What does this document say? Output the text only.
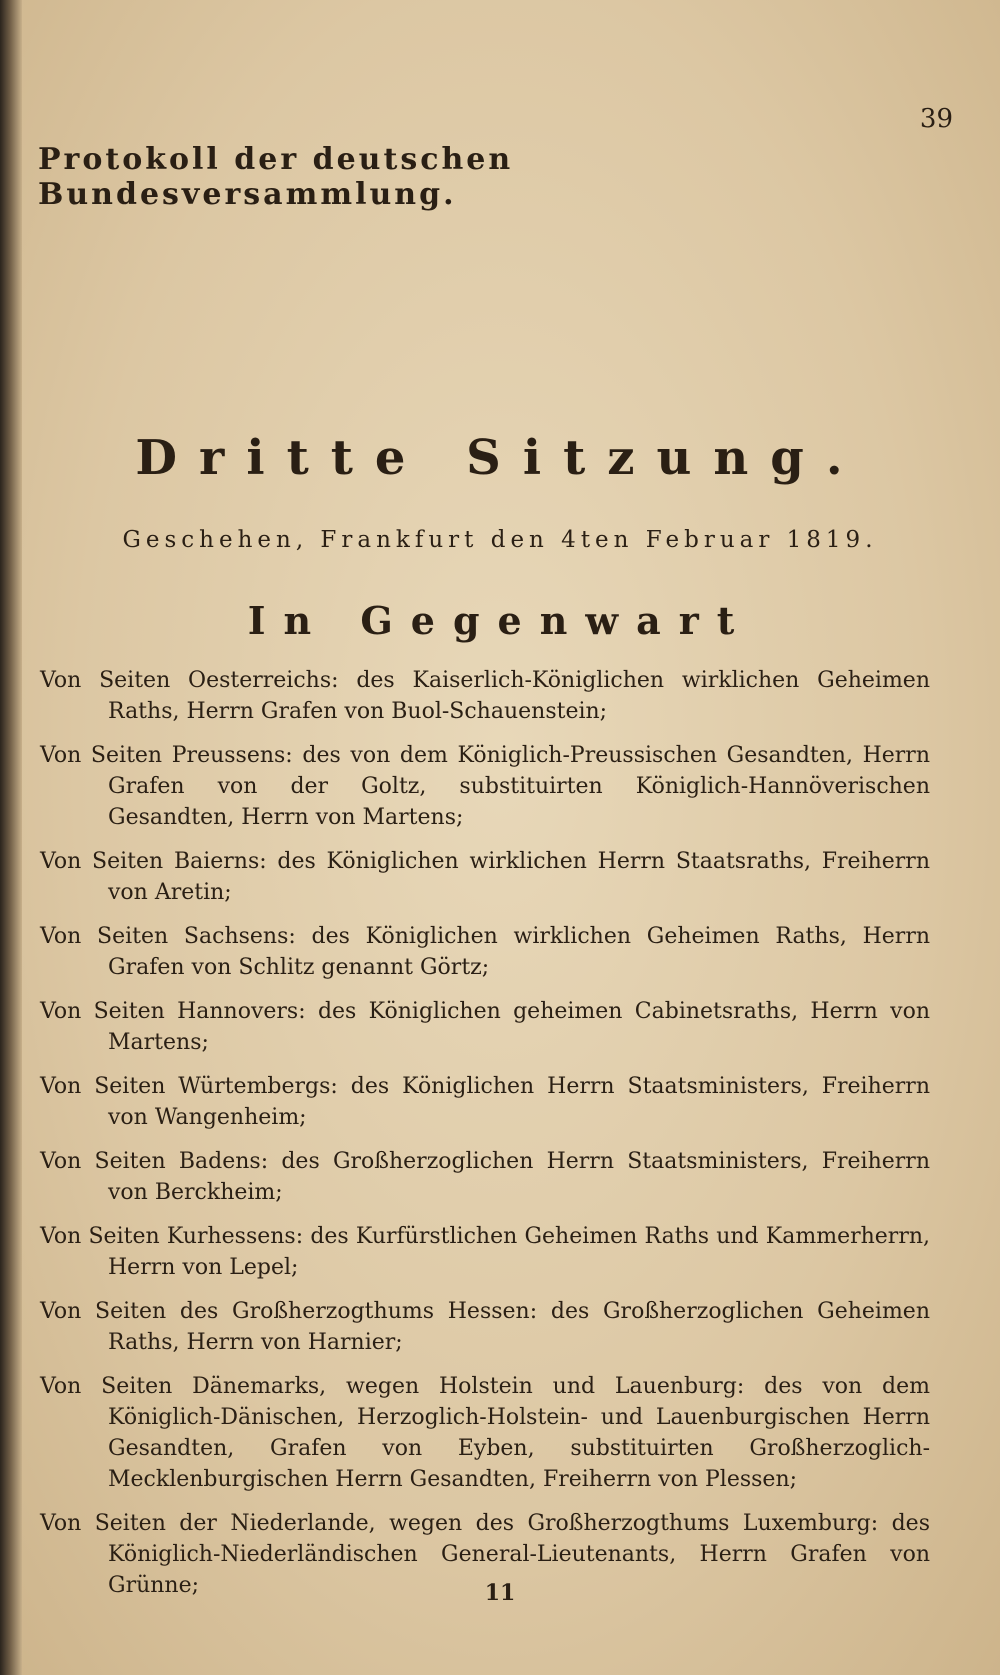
39
Protokoll der deutschen Bundesversammlung.
Dritte Sitzung.
Geschehen, Frankfurt den 4ten Februar 1819.
In Gegenwart
Von Seiten Oesterreichs: des Kaiserlich-Königlichen wirklichen Geheimen Raths, Herrn Grafen von Buol-Schauenstein;
Von Seiten Preussens: des von dem Königlich-Preussischen Gesandten, Herrn Grafen von der Goltz, substituirten Königlich-Hannöverischen Gesandten, Herrn von Martens;
Von Seiten Baierns: des Königlichen wirklichen Herrn Staatsraths, Freiherrn von Aretin;
Von Seiten Sachsens: des Königlichen wirklichen Geheimen Raths, Herrn Grafen von Schlitz genannt Görtz;
Von Seiten Hannovers: des Königlichen geheimen Cabinetsraths, Herrn von Martens;
Von Seiten Würtembergs: des Königlichen Herrn Staatsministers, Freiherrn von Wangenheim;
Von Seiten Badens: des Großherzoglichen Herrn Staatsministers, Freiherrn von Berckheim;
Von Seiten Kurhessens: des Kurfürstlichen Geheimen Raths und Kammerherrn, Herrn von Lepel;
Von Seiten des Großherzogthums Hessen: des Großherzoglichen Geheimen Raths, Herrn von Harnier;
Von Seiten Dänemarks, wegen Holstein und Lauenburg: des von dem Königlich-Dänischen, Herzoglich-Holstein- und Lauenburgischen Herrn Gesandten, Grafen von Eyben, substituirten Großherzoglich-Mecklenburgischen Herrn Gesandten, Freiherrn von Plessen;
Von Seiten der Niederlande, wegen des Großherzogthums Luxemburg: des Königlich-Niederländischen General-Lieutenants, Herrn Grafen von Grünne;	11
